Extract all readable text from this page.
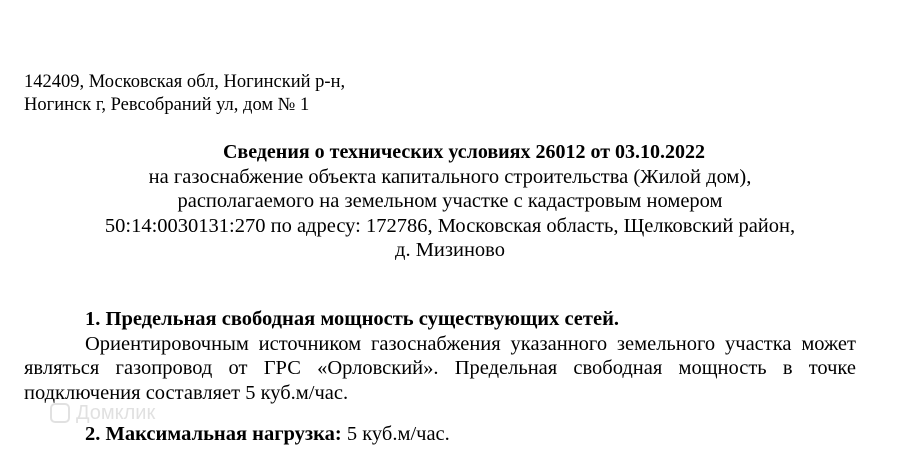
142409, Московская обл, Ногинский р-н,
Ногинск г, Ревсобраний ул, дом № 1
Сведения о технических условиях 26012 от 03.10.2022
на газоснабжение объекта капитального строительства (Жилой дом),
располагаемого на земельном участке с кадастровым номером
50:14:0030131:270 по адресу: 172786, Московская область, Щелковский район,
д. Мизиново
1. Предельная свободная мощность существующих сетей.
Ориентировочным источником газоснабжения указанного земельного участка может являться газопровод от ГРС «Орловский». Предельная свободная мощность в точке подключения составляет 5 куб.м/час.
2. Максимальная нагрузка: 5 куб.м/час.
Домклик
